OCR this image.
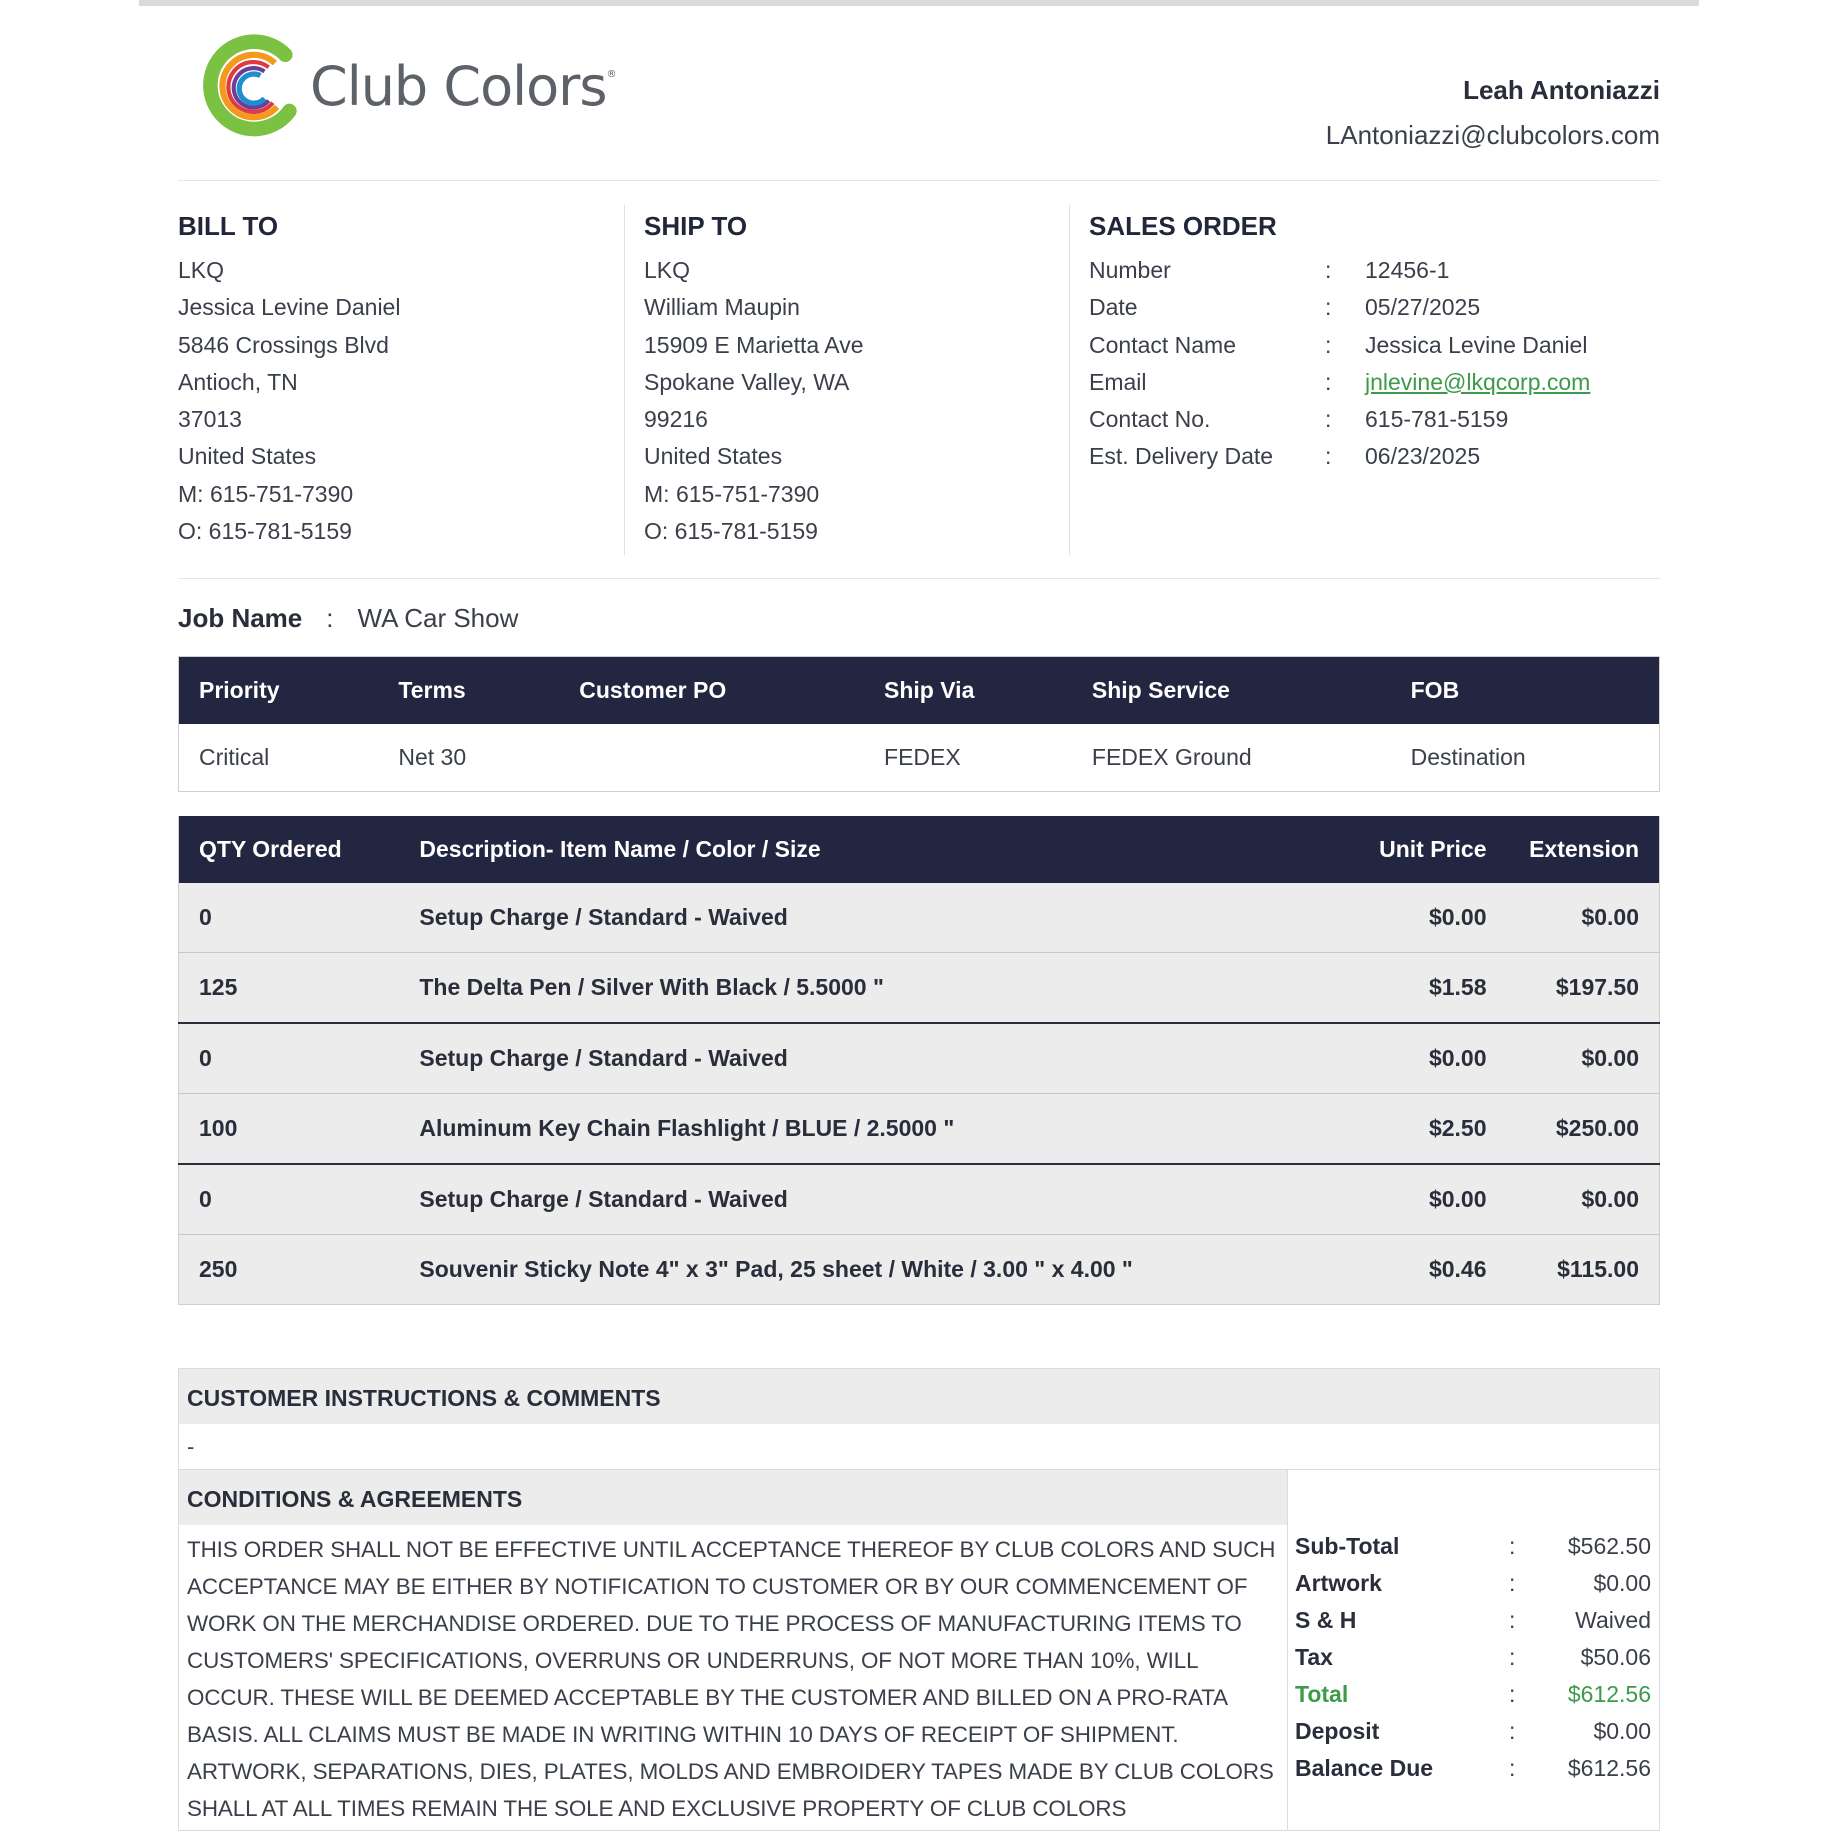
Club Colors®
Leah Antoniazzi
LAntoniazzi@clubcolors.com
BILL TO
LKQ
Jessica Levine Daniel
5846 Crossings Blvd
Antioch, TN
37013
United States
M: 615-751-7390
O: 615-781-5159
SHIP TO
LKQ
William Maupin
15909 E Marietta Ave
Spokane Valley, WA
99216
United States
M: 615-751-7390
O: 615-781-5159
SALES ORDER
Number	:	12456-1
Date	:	05/27/2025
Contact Name	:	Jessica Levine Daniel
Email	:	jnlevine@lkqcorp.com
Contact No.	:	615-781-5159
Est. Delivery Date	:	06/23/2025
Job Name : WA Car Show
Priority	Terms	Customer PO	Ship Via	Ship Service	FOB
Critical	Net 30		FEDEX	FEDEX Ground	Destination
QTY Ordered	Description- Item Name / Color / Size	Unit Price	Extension
0	Setup Charge / Standard - Waived	$0.00	$0.00
125	The Delta Pen / Silver With Black / 5.5000 "	$1.58	$197.50
0	Setup Charge / Standard - Waived	$0.00	$0.00
100	Aluminum Key Chain Flashlight / BLUE / 2.5000 "	$2.50	$250.00
0	Setup Charge / Standard - Waived	$0.00	$0.00
250	Souvenir Sticky Note 4" x 3" Pad, 25 sheet / White / 3.00 " x 4.00 "	$0.46	$115.00
CUSTOMER INSTRUCTIONS & COMMENTS
-
CONDITIONS & AGREEMENTS
THIS ORDER SHALL NOT BE EFFECTIVE UNTIL ACCEPTANCE THEREOF BY CLUB COLORS AND SUCH ACCEPTANCE MAY BE EITHER BY NOTIFICATION TO CUSTOMER OR BY OUR COMMENCEMENT OF WORK ON THE MERCHANDISE ORDERED. DUE TO THE PROCESS OF MANUFACTURING ITEMS TO CUSTOMERS' SPECIFICATIONS, OVERRUNS OR UNDERRUNS, OF NOT MORE THAN 10%, WILL OCCUR. THESE WILL BE DEEMED ACCEPTABLE BY THE CUSTOMER AND BILLED ON A PRO-RATA BASIS. ALL CLAIMS MUST BE MADE IN WRITING WITHIN 10 DAYS OF RECEIPT OF SHIPMENT. ARTWORK, SEPARATIONS, DIES, PLATES, MOLDS AND EMBROIDERY TAPES MADE BY CLUB COLORS SHALL AT ALL TIMES REMAIN THE SOLE AND EXCLUSIVE PROPERTY OF CLUB COLORS
Sub-Total	:	$562.50
Artwork	:	$0.00
S & H	:	Waived
Tax	:	$50.06
Total	:	$612.56
Deposit	:	$0.00
Balance Due	:	$612.56
